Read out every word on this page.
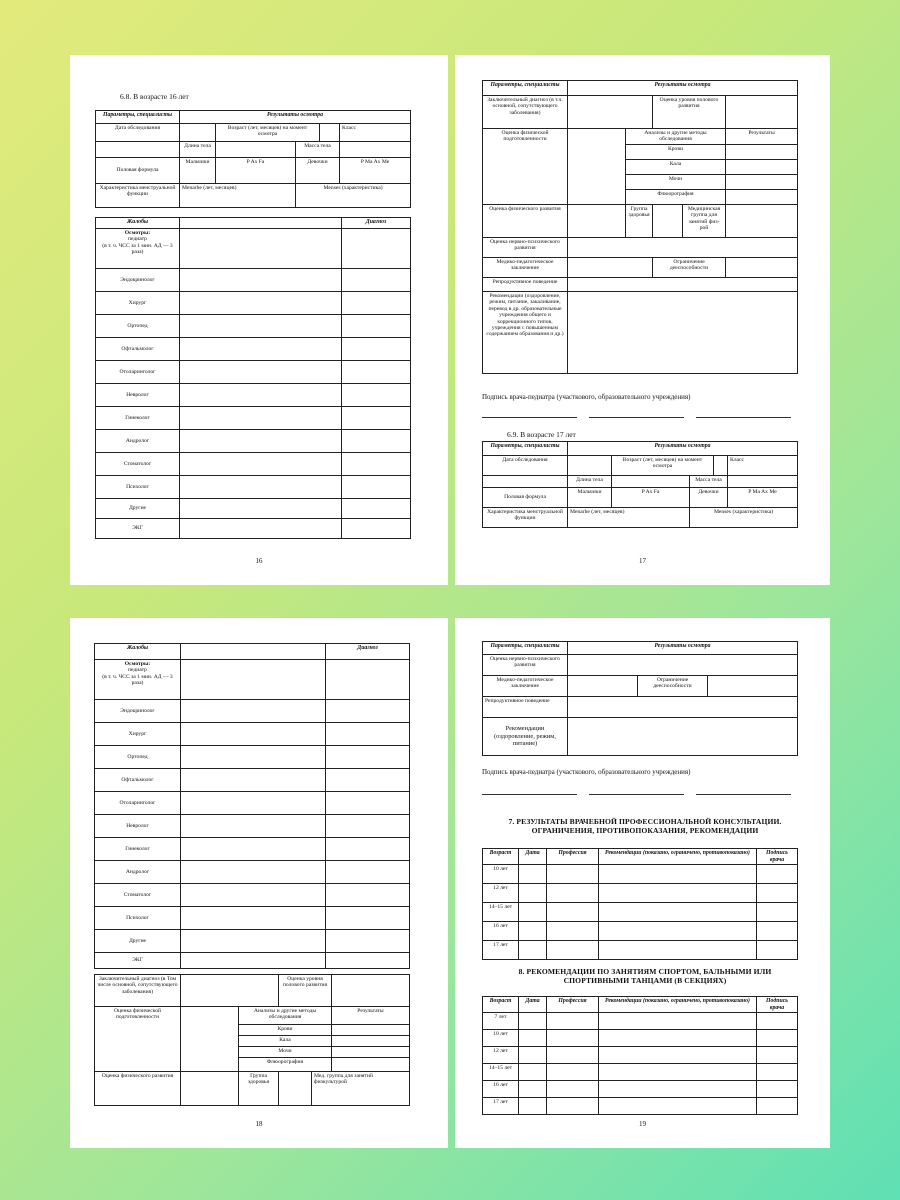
6.8. В возрасте 16 лет
Параметры, специалисты	Результаты осмотра				
Дата обследования		Возраст (лет, месяцев) на момент осмотра			Класс
	Длина тела		Масса тела		
Половая формула	Мальчики	P Ax Fa	Девочки		P Ma Ax Me
Характеристика менструальной функции	Menarhe (лет, месяцев)		Menses (характеристика)		
Жалобы		Диагноз
Осмотры:
педиатр
(в т. ч. ЧСС за 1 мин. АД — 3 раза)		
Эндокринолог		
Хирург		
Ортопед		
Офтальмолог		
Отоларинголог		
Невролог		
Гинеколог		
Андролог		
Стоматолог		
Психолог		
Другие		
ЭКГ		
16
Параметры, специалисты	Результаты осмотра				
Заключительный диагноз (в т.ч. основной, сопутствующего заболевания)			Оценка уровня полового развития		
Оценка физической подготовленности		Анализы и другие методы обследования			Результаты
		Крови			
		Кала			
		Мочи			
		Флюорография			
Оценка физического развития		Группа здоровья		Медицинская группа для занятий физ-рой	
Оценка нервно-психического развития					
Медико-педагогическое заключение			Ограничение дееспособности		
Репродуктивное поведение					
Рекомендации (оздоровление, режим, питание, закаливание, перевод в др. образовательные учреждения общего и коррекционного типов, учреждения с повышенным содержанием образования и др.)					
Подпись врача-педиатра (участкового, образовательного учреждения)
6.9. В возрасте 17 лет
Параметры, специалисты	Результаты осмотра				
Дата обследования		Возраст (лет, месяцев) на момент осмотра			Класс
	Длина тела		Масса тела		
Половая формула	Мальчики	P Ax Fa	Девочки		P Ma Ax Me
Характеристика менструальной функции	Menarhe (лет, месяцев)		Menses (характеристика)		
17
Жалобы		Диагноз
Осмотры:
педиатр
(в т. ч. ЧСС за 1 мин. АД — 3 раза)		
Эндокринолог		
Хирург		
Ортопед		
Офтальмолог		
Отоларинголог		
Невролог		
Гинеколог		
Андролог		
Стоматолог		
Психолог		
Другие		
ЭКГ		
Заключительный диагноз (в Том числе основной, сопутствующего заболевания)			Оценка уровня полового развития		
Оценка физической подготовленности		Анализы и другие методы обследования			Результаты
		Крови			
		Кала			
		Мочи			
		Флюорография			
Оценка физического развития		Группа здоровья		Мед. группа для занятий физкультурой	
18
Параметры, специалисты	Результаты осмотра		
Оценка нервно-психического развития			
Медико-педагогическое заключение		Ограничение дееспособности	
Репродуктивное поведение			
Рекомендации (оздоровление, режим, питание)			
Подпись врача-педиатра (участкового, образовательного учреждения)
7. РЕЗУЛЬТАТЫ ВРАЧЕБНОЙ ПРОФЕССИОНАЛЬНОЙ КОНСУЛЬТАЦИИ. ОГРАНИЧЕНИЯ, ПРОТИВОПОКАЗАНИЯ, РЕКОМЕНДАЦИИ
Возраст	Дата	Профессия	Рекомендации (показано, ограничено, противопоказано)	Подпись врача
10 лет				
12 лет				
14–15 лет				
16 лет				
17 лет				
8. РЕКОМЕНДАЦИИ ПО ЗАНЯТИЯМ СПОРТОМ, БАЛЬНЫМИ ИЛИ СПОРТИВНЫМИ ТАНЦАМИ (В СЕКЦИЯХ)
Возраст	Дата	Профессия	Рекомендации (показано, ограничено, противопоказано)	Подпись врача
7 лет				
10 лет				
12 лет				
14–15 лет				
16 лет				
17 лет				
19
